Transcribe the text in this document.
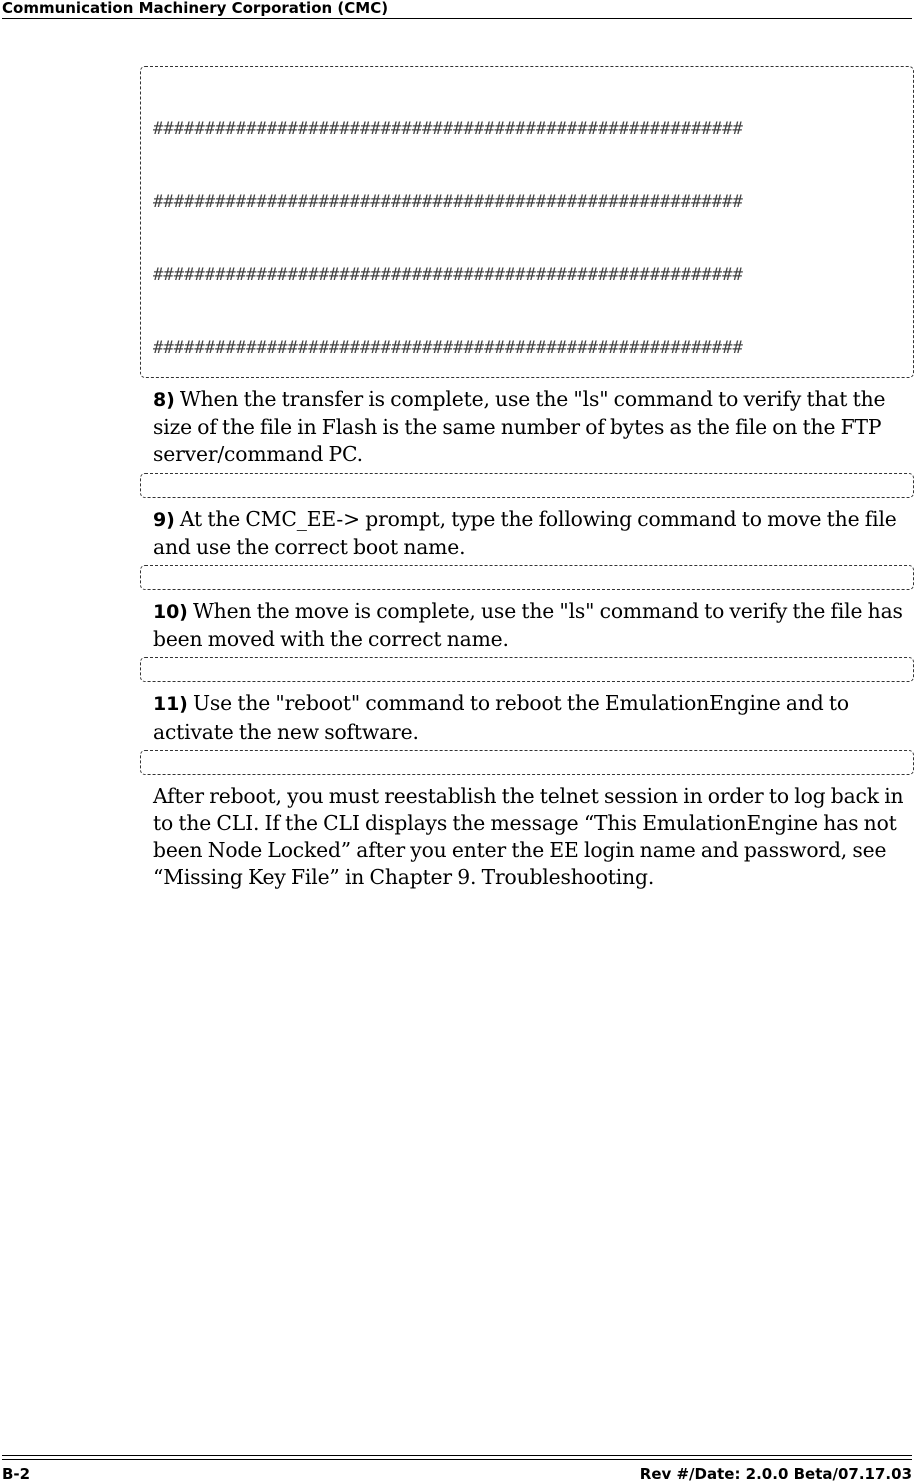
Communication Machinery Corporation (CMC)

#########################################################

#########################################################

#########################################################

#########################################################

8) When the transfer is complete, use the "ls" command to verify that the size of the file in Flash is the same number of bytes as the file on the FTP server/command PC.

9) At the CMC_EE-> prompt, type the following command to move the file and use the correct boot name.

10) When the move is complete, use the "ls" command to verify the file has been moved with the correct name.

11) Use the "reboot" command to reboot the EmulationEngine and to activate the new software.

After reboot, you must reestablish the telnet session in order to log back in to the CLI. If the CLI displays the message “This EmulationEngine has not been Node Locked” after you enter the EE login name and password, see “Missing Key File” in Chapter 9. Troubleshooting.

B-2	Rev #/Date: 2.0.0 Beta/07.17.03
